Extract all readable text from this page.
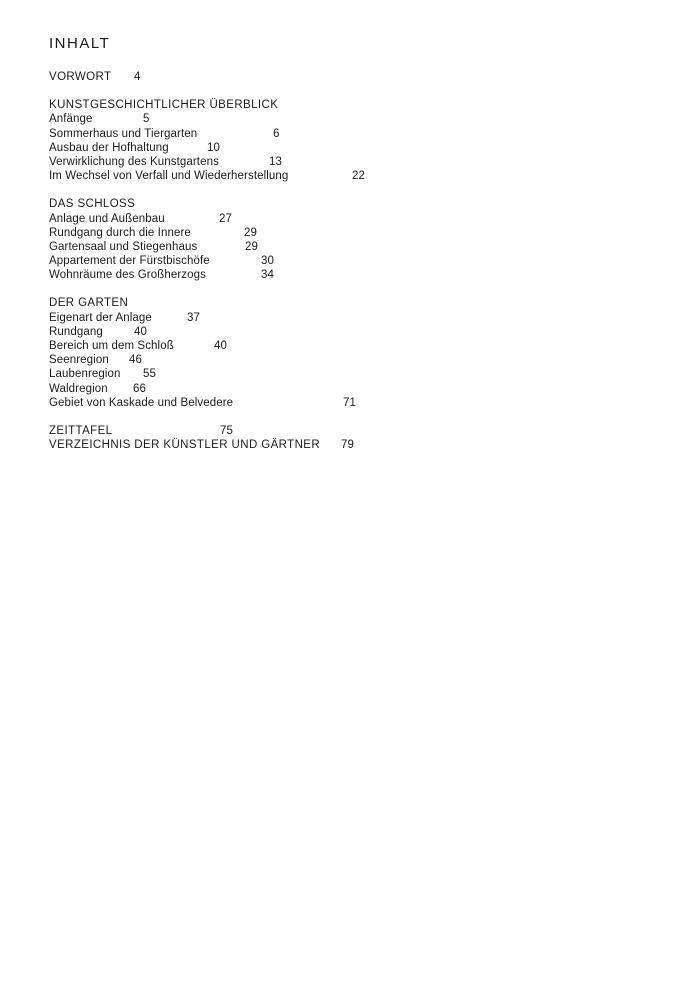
INHALT
VORWORT 4
KUNSTGESCHICHTLICHER ÜBERBLICK
Anfänge	5
Sommerhaus und Tiergarten	6
Ausbau der Hofhaltung	10
Verwirklichung des Kunstgartens	13
Im Wechsel von Verfall und Wiederherstellung	22
DAS SCHLOSS
Anlage und Außenbau	27
Rundgang durch die Innere	29
Gartensaal und Stiegenhaus	29
Appartement der Fürstbischöfe	30
Wohnräume des Großherzogs	34
DER GARTEN
Eigenart der Anlage	37
Rundgang	40
Bereich um dem Schloß	40
Seenregion 46
Laubenregion 55
Waldregion 66
Gebiet von Kaskade und Belvedere	71
ZEITTAFEL	75
VERZEICHNIS DER KÜNSTLER UND GÄRTNER 79
